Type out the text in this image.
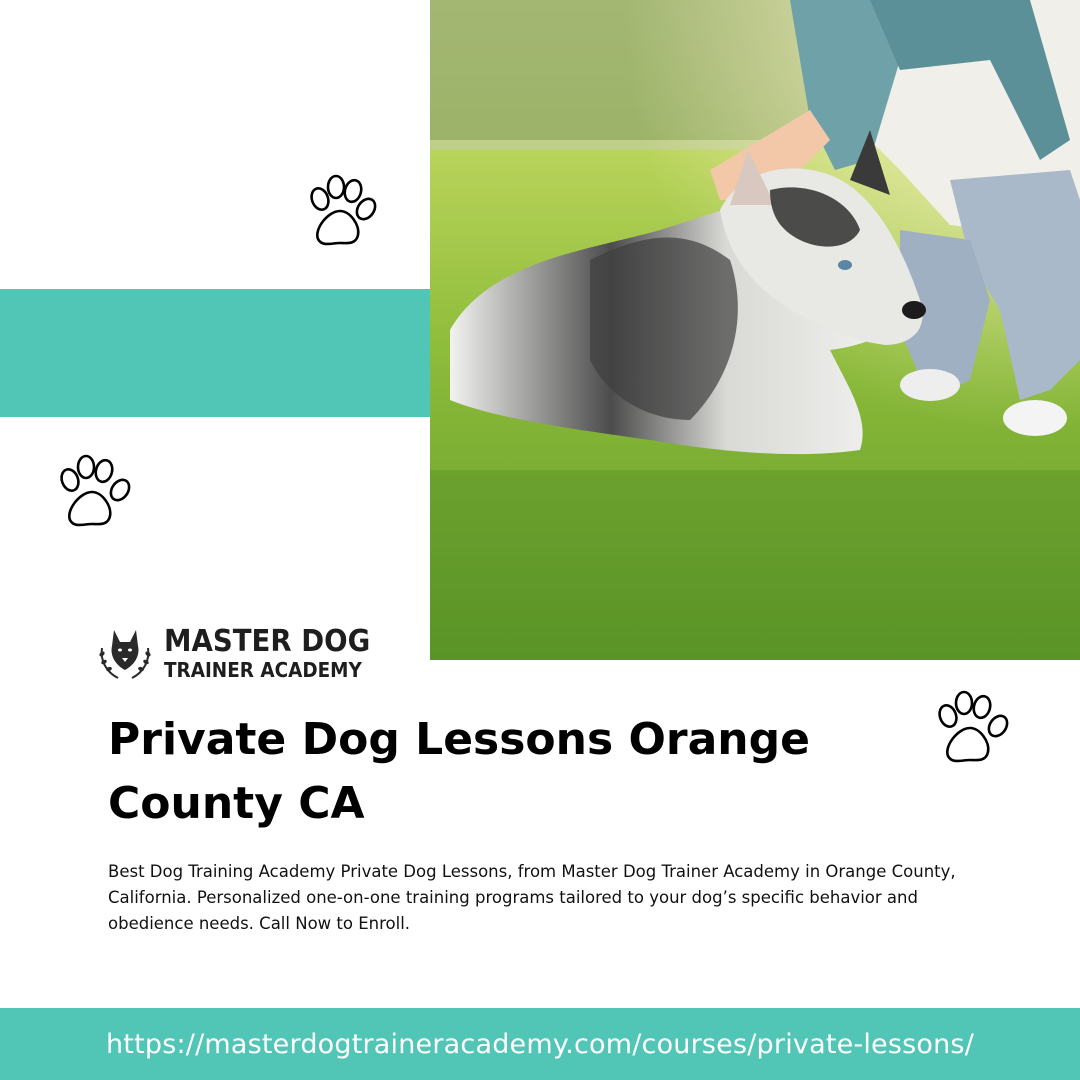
MASTER DOG
TRAINER ACADEMY
Private Dog Lessons Orange County CA

Best Dog Training Academy Private Dog Lessons, from Master Dog Trainer Academy in Orange County, California. Personalized one-on-one training programs tailored to your dog’s specific behavior and obedience needs. Call Now to Enroll.

https://masterdogtraineracademy.com/courses/private-lessons/
